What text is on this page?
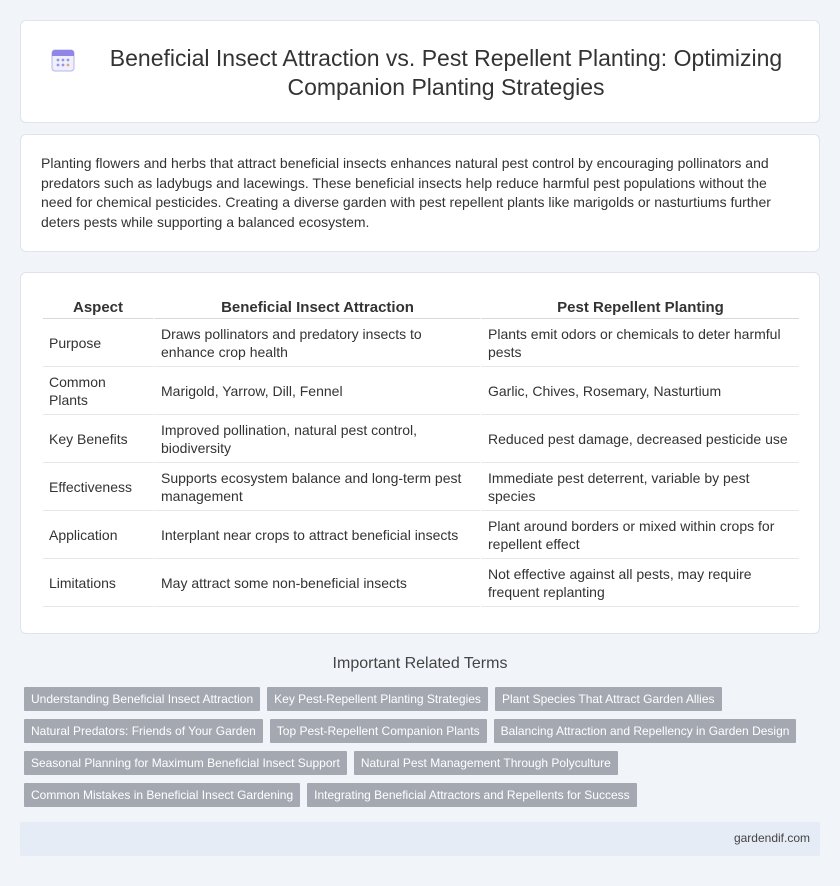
Beneficial Insect Attraction vs. Pest Repellent Planting: Optimizing Companion Planting Strategies

Planting flowers and herbs that attract beneficial insects enhances natural pest control by encouraging pollinators and predators such as ladybugs and lacewings. These beneficial insects help reduce harmful pest populations without the need for chemical pesticides. Creating a diverse garden with pest repellent plants like marigolds or nasturtiums further deters pests while supporting a balanced ecosystem.

Aspect	Beneficial Insect Attraction	Pest Repellent Planting
Purpose	Draws pollinators and predatory insects to enhance crop health	Plants emit odors or chemicals to deter harmful pests
Common Plants	Marigold, Yarrow, Dill, Fennel	Garlic, Chives, Rosemary, Nasturtium
Key Benefits	Improved pollination, natural pest control, biodiversity	Reduced pest damage, decreased pesticide use
Effectiveness	Supports ecosystem balance and long-term pest management	Immediate pest deterrent, variable by pest species
Application	Interplant near crops to attract beneficial insects	Plant around borders or mixed within crops for repellent effect
Limitations	May attract some non-beneficial insects	Not effective against all pests, may require frequent replanting
Important Related Terms
Understanding Beneficial Insect Attraction	Key Pest-Repellent Planting Strategies	Plant Species That Attract Garden Allies
Natural Predators: Friends of Your Garden	Top Pest-Repellent Companion Plants	Balancing Attraction and Repellency in Garden Design
Seasonal Planning for Maximum Beneficial Insect Support	Natural Pest Management Through Polyculture
Common Mistakes in Beneficial Insect Gardening	Integrating Beneficial Attractors and Repellents for Success
gardendif.com
